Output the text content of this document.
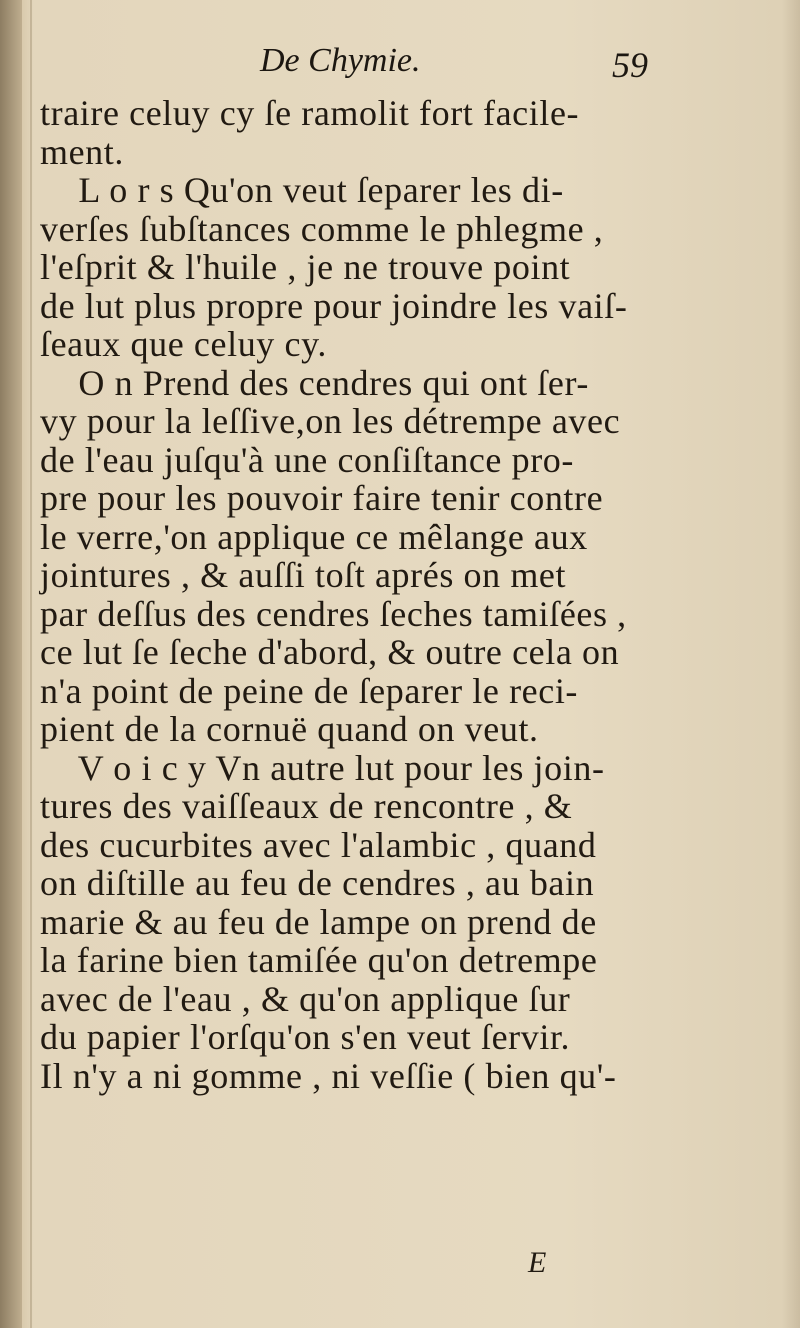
De Chymie.	59
traire celuy cy ſe ramolit fort facile-
ment.
L o r s Qu'on veut ſeparer les di-
verſes ſubſtances comme le phlegme ,
l'eſprit & l'huile , je ne trouve point
de lut plus propre pour joindre les vaiſ-
ſeaux que celuy cy.
O n Prend des cendres qui ont ſer-
vy pour la leſſive,on les détrempe avec
de l'eau juſqu'à une conſiſtance pro-
pre pour les pouvoir faire tenir contre
le verre,'on applique ce mêlange aux
jointures , & auſſi toſt aprés on met
par deſſus des cendres ſeches tamiſées ,
ce lut ſe ſeche d'abord, & outre cela on
n'a point de peine de ſeparer le reci-
pient de la cornuë quand on veut.
V o i c y Vn autre lut pour les join-
tures des vaiſſeaux de rencontre , &
des cucurbites avec l'alambic , quand
on diſtille au feu de cendres , au bain
marie & au feu de lampe on prend de
la farine bien tamiſée qu'on detrempe
avec de l'eau , & qu'on applique ſur
du papier l'orſqu'on s'en veut ſervir.
Il n'y a ni gomme , ni veſſie ( bien qu'-
E
